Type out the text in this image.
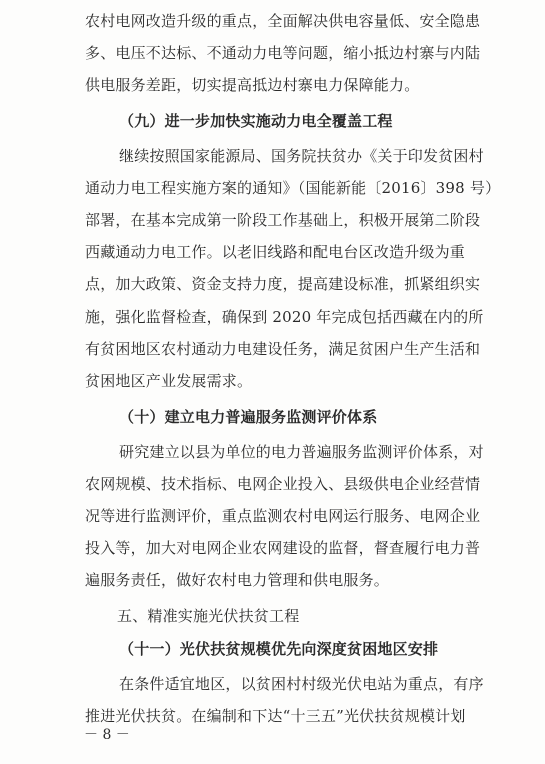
农村电网改造升级的重点，全面解决供电容量低、安全隐患
多、电压不达标、不通动力电等问题，缩小抵边村寨与内陆
供电服务差距，切实提高抵边村寨电力保障能力。
（九）进一步加快实施动力电全覆盖工程
继续按照国家能源局、国务院扶贫办《关于印发贫困村
通动力电工程实施方案的通知》（国能新能〔2016〕398 号）
部署，在基本完成第一阶段工作基础上，积极开展第二阶段
西藏通动力电工作。以老旧线路和配电台区改造升级为重
点，加大政策、资金支持力度，提高建设标准，抓紧组织实
施，强化监督检查，确保到 2020 年完成包括西藏在内的所
有贫困地区农村通动力电建设任务，满足贫困户生产生活和
贫困地区产业发展需求。
（十）建立电力普遍服务监测评价体系
研究建立以县为单位的电力普遍服务监测评价体系，对
农网规模、技术指标、电网企业投入、县级供电企业经营情
况等进行监测评价，重点监测农村电网运行服务、电网企业
投入等，加大对电网企业农网建设的监督，督查履行电力普
遍服务责任，做好农村电力管理和供电服务。
五、精准实施光伏扶贫工程
（十一）光伏扶贫规模优先向深度贫困地区安排
在条件适宜地区，以贫困村村级光伏电站为重点，有序
推进光伏扶贫。在编制和下达“十三五”光伏扶贫规模计划
－ 8 －
